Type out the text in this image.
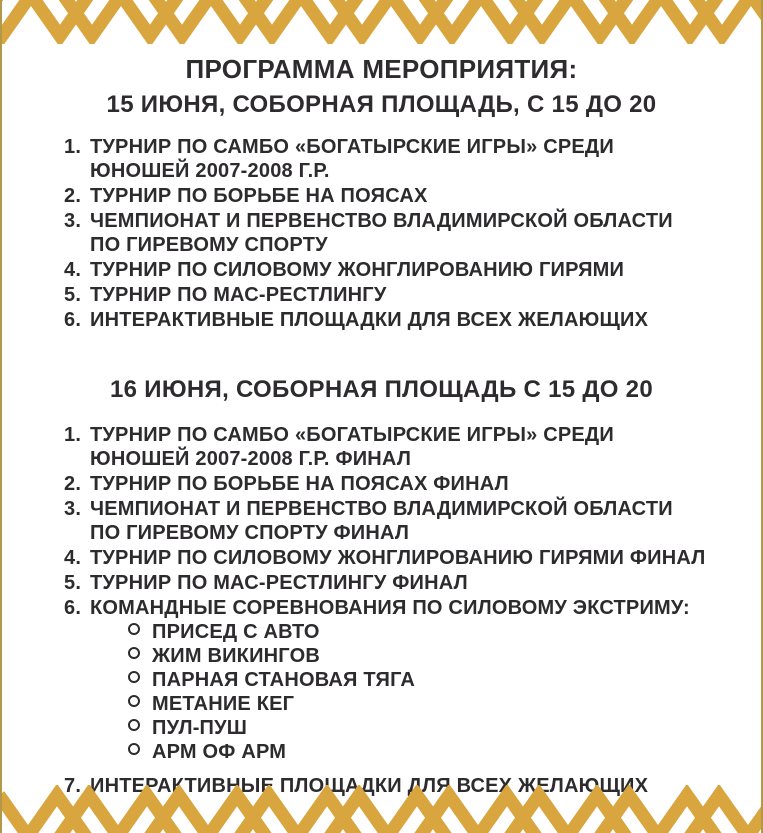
ПРОГРАММА МЕРОПРИЯТИЯ:
15 ИЮНЯ, СОБОРНАЯ ПЛОЩАДЬ, С 15 ДО 20
1. ТУРНИР ПО САМБО «БОГАТЫРСКИЕ ИГРЫ» СРЕДИ ЮНОШЕЙ 2007-2008 Г.Р.
2. ТУРНИР ПО БОРЬБЕ НА ПОЯСАХ
3. ЧЕМПИОНАТ И ПЕРВЕНСТВО ВЛАДИМИРСКОЙ ОБЛАСТИ ПО ГИРЕВОМУ СПОРТУ
4. ТУРНИР ПО СИЛОВОМУ ЖОНГЛИРОВАНИЮ ГИРЯМИ
5. ТУРНИР ПО МАС-РЕСТЛИНГУ
6. ИНТЕРАКТИВНЫЕ ПЛОЩАДКИ ДЛЯ ВСЕХ ЖЕЛАЮЩИХ
16 ИЮНЯ, СОБОРНАЯ ПЛОЩАДЬ С 15 ДО 20
1. ТУРНИР ПО САМБО «БОГАТЫРСКИЕ ИГРЫ» СРЕДИ ЮНОШЕЙ 2007-2008 Г.Р. ФИНАЛ
2. ТУРНИР ПО БОРЬБЕ НА ПОЯСАХ ФИНАЛ
3. ЧЕМПИОНАТ И ПЕРВЕНСТВО ВЛАДИМИРСКОЙ ОБЛАСТИ ПО ГИРЕВОМУ СПОРТУ ФИНАЛ
4. ТУРНИР ПО СИЛОВОМУ ЖОНГЛИРОВАНИЮ ГИРЯМИ ФИНАЛ
5. ТУРНИР ПО МАС-РЕСТЛИНГУ ФИНАЛ
6. КОМАНДНЫЕ СОРЕВНОВАНИЯ ПО СИЛОВОМУ ЭКСТРИМУ:
ПРИСЕД С АВТО
ЖИМ ВИКИНГОВ
ПАРНАЯ СТАНОВАЯ ТЯГА
МЕТАНИЕ КЕГ
ПУЛ-ПУШ
АРМ ОФ АРМ
7. ИНТЕРАКТИВНЫЕ ПЛОЩАДКИ ДЛЯ ВСЕХ ЖЕЛАЮЩИХ
